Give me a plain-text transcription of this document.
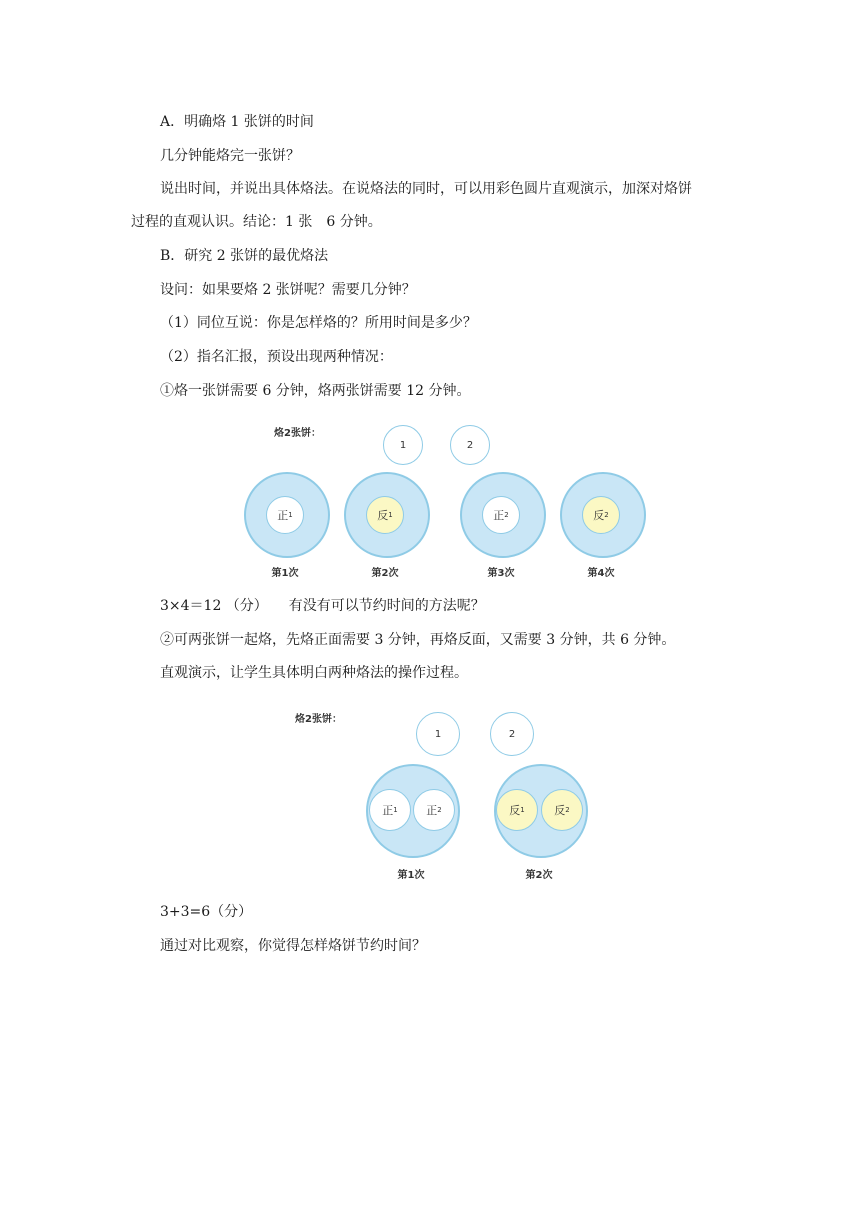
A．明确烙 1 张饼的时间
几分钟能烙完一张饼？
说出时间，并说出具体烙法。在说烙法的同时，可以用彩色圆片直观演示，加深对烙饼
过程的直观认识。结论：1 张　6 分钟。
B．研究 2 张饼的最优烙法
设问：如果要烙 2 张饼呢？需要几分钟？
（1）同位互说：你是怎样烙的？所用时间是多少？
（2）指名汇报，预设出现两种情况：
①烙一张饼需要 6 分钟，烙两张饼需要 12 分钟。
烙2张饼：
1	2
正 1
第1次
反 1
第2次
正 2
第3次
反 2
第4次
3×4＝12 （分）　　有没有可以节约时间的方法呢？
②可两张饼一起烙，先烙正面需要 3 分钟，再烙反面，又需要 3 分钟，共 6 分钟。
直观演示，让学生具体明白两种烙法的操作过程。
烙2张饼：
1	2
正 1	正 2
第1次
反 1	反 2
第2次
3+3=6（分）
通过对比观察，你觉得怎样烙饼节约时间？
